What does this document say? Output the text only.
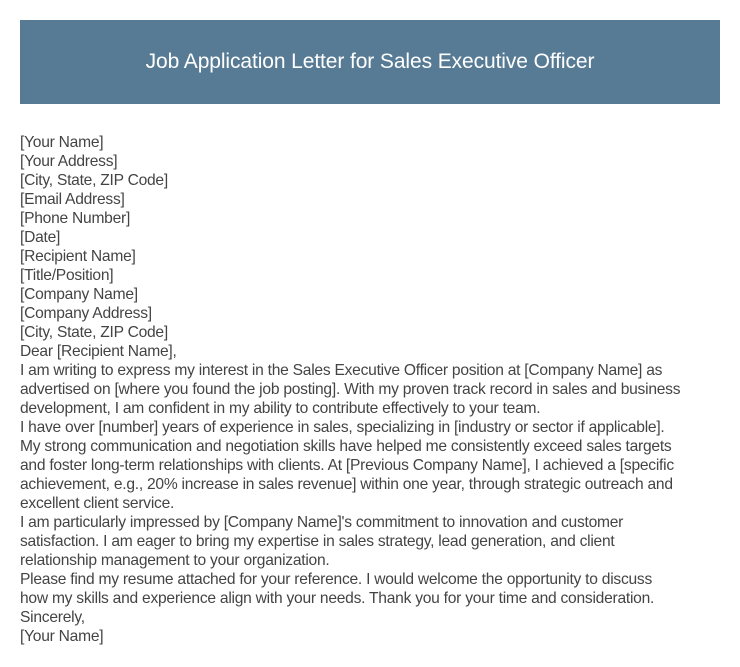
Job Application Letter for Sales Executive Officer
[Your Name]
[Your Address]
[City, State, ZIP Code]
[Email Address]
[Phone Number]
[Date]
[Recipient Name]
[Title/Position]
[Company Name]
[Company Address]
[City, State, ZIP Code]
Dear [Recipient Name],

I am writing to express my interest in the Sales Executive Officer position at [Company Name] as
advertised on [where you found the job posting]. With my proven track record in sales and business
development, I am confident in my ability to contribute effectively to your team.

I have over [number] years of experience in sales, specializing in [industry or sector if applicable].
My strong communication and negotiation skills have helped me consistently exceed sales targets
and foster long-term relationships with clients. At [Previous Company Name], I achieved a [specific
achievement, e.g., 20% increase in sales revenue] within one year, through strategic outreach and
excellent client service.

I am particularly impressed by [Company Name]'s commitment to innovation and customer
satisfaction. I am eager to bring my expertise in sales strategy, lead generation, and client
relationship management to your organization.

Please find my resume attached for your reference. I would welcome the opportunity to discuss
how my skills and experience align with your needs. Thank you for your time and consideration.

Sincerely,
[Your Name]
